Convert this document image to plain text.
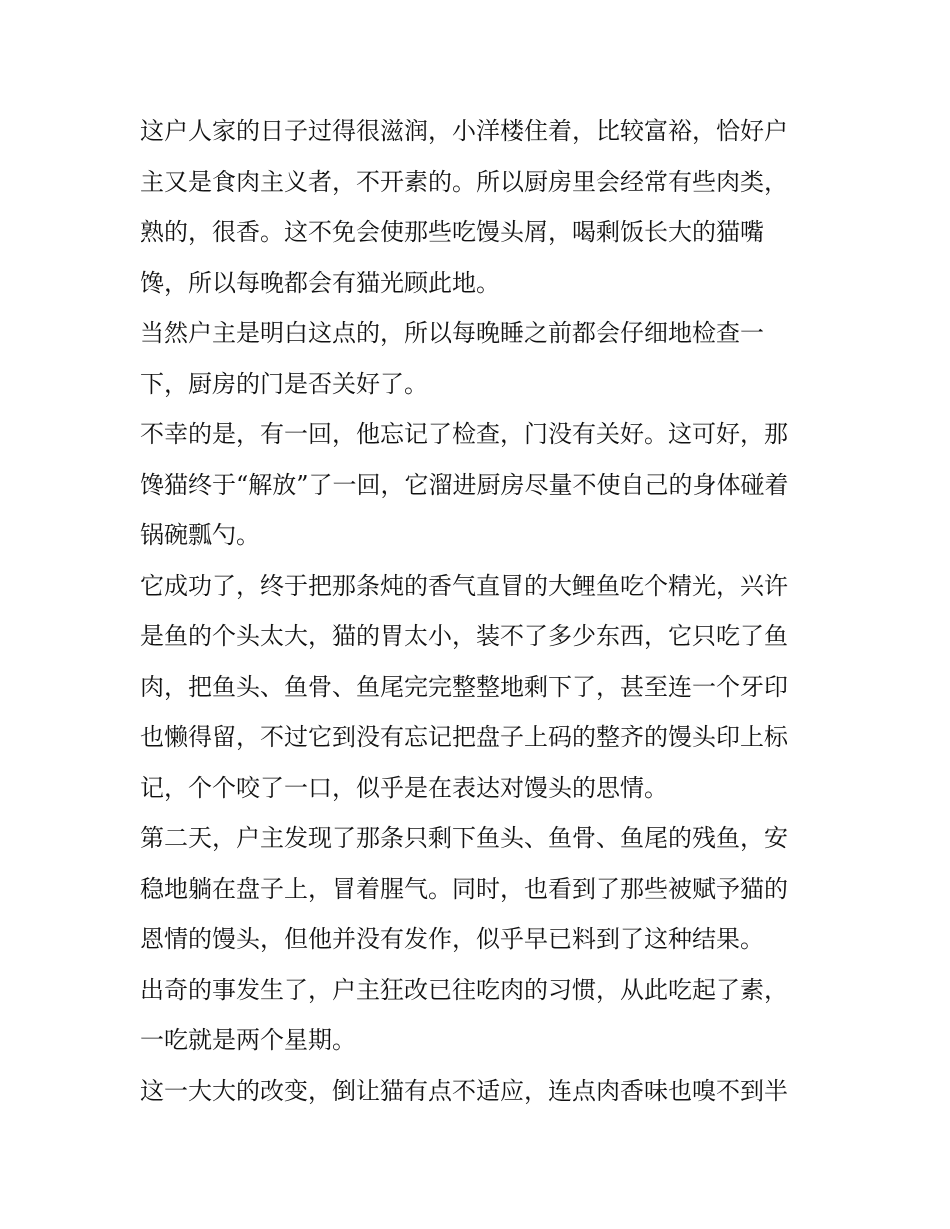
这户人家的日子过得很滋润，小洋楼住着，比较富裕，恰好户
主又是食肉主义者，不开素的。所以厨房里会经常有些肉类，
熟的，很香。这不免会使那些吃馒头屑，喝剩饭长大的猫嘴
馋，所以每晚都会有猫光顾此地。
当然户主是明白这点的，所以每晚睡之前都会仔细地检查一
下，厨房的门是否关好了。
不幸的是，有一回，他忘记了检查，门没有关好。这可好，那
馋猫终于“解放”了一回，它溜进厨房尽量不使自己的身体碰着
锅碗瓢勺。
它成功了，终于把那条炖的香气直冒的大鲤鱼吃个精光，兴许
是鱼的个头太大，猫的胃太小，装不了多少东西，它只吃了鱼
肉，把鱼头、鱼骨、鱼尾完完整整地剩下了，甚至连一个牙印
也懒得留，不过它到没有忘记把盘子上码的整齐的馒头印上标
记，个个咬了一口，似乎是在表达对馒头的思情。
第二天，户主发现了那条只剩下鱼头、鱼骨、鱼尾的残鱼，安
稳地躺在盘子上，冒着腥气。同时，也看到了那些被赋予猫的
恩情的馒头，但他并没有发作，似乎早已料到了这种结果。
出奇的事发生了，户主狂改已往吃肉的习惯，从此吃起了素，
一吃就是两个星期。
这一大大的改变，倒让猫有点不适应，连点肉香味也嗅不到半
